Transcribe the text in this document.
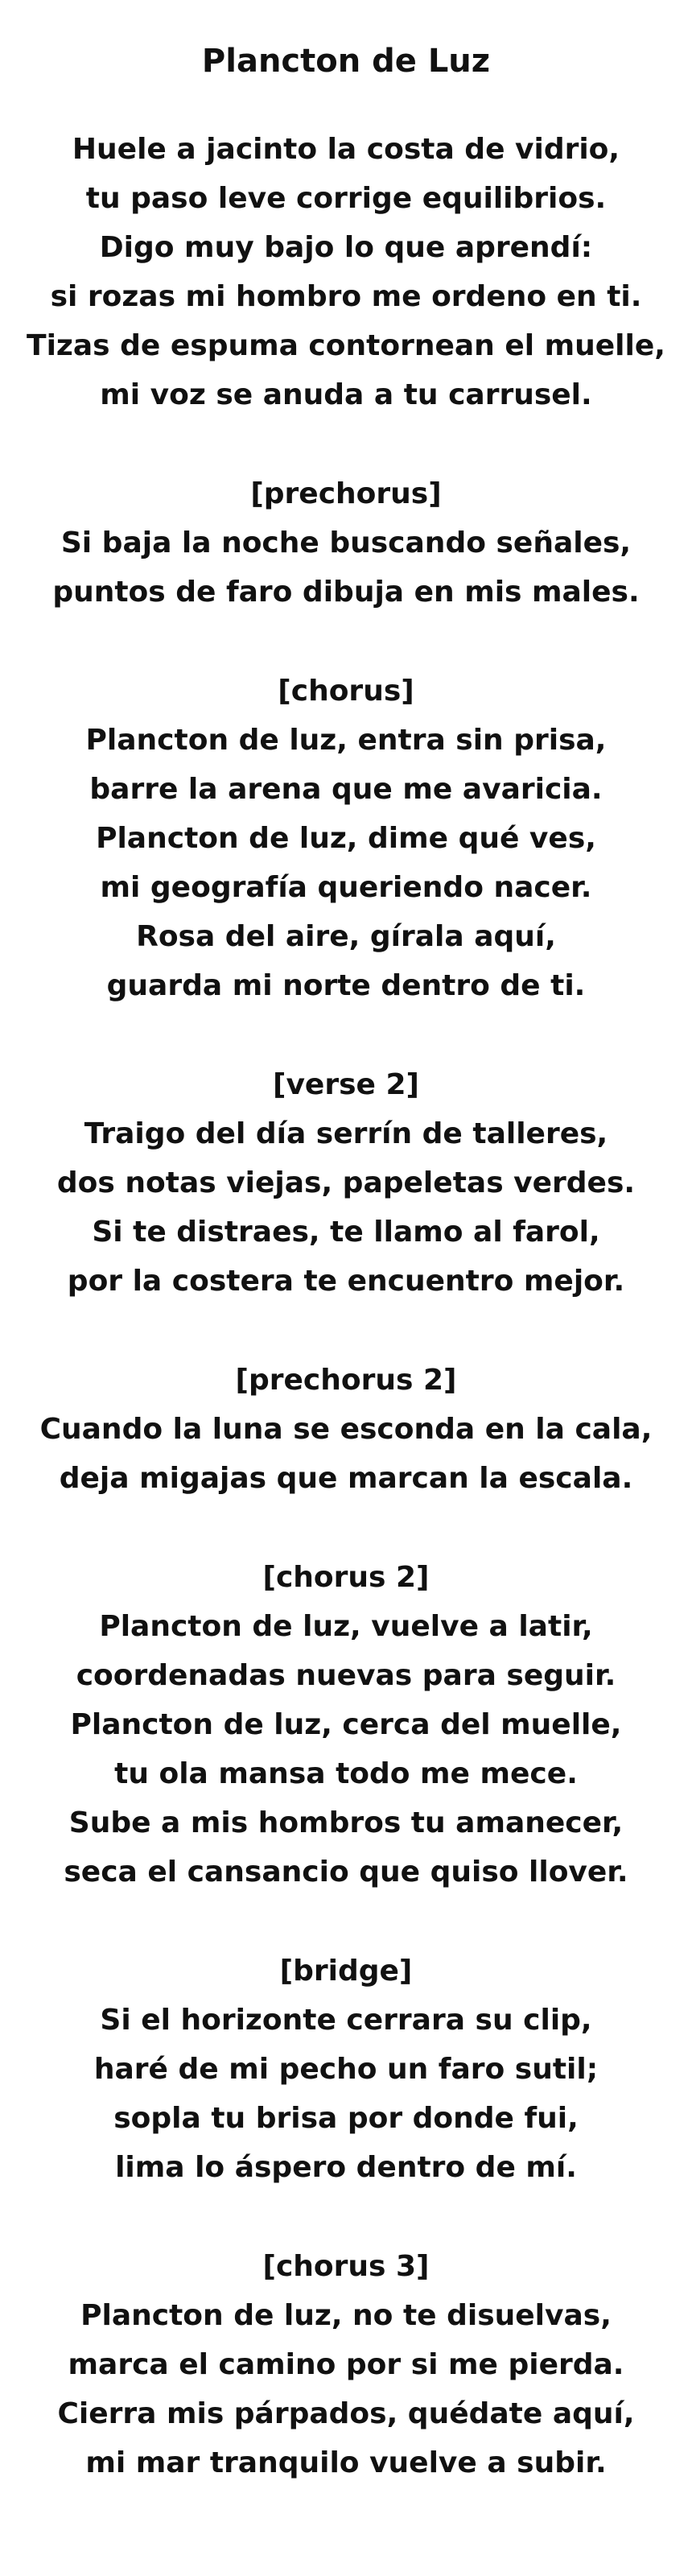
Plancton de Luz
Huele a jacinto la costa de vidrio,
tu paso leve corrige equilibrios.
Digo muy bajo lo que aprendí:
si rozas mi hombro me ordeno en ti.
Tizas de espuma contornean el muelle,
mi voz se anuda a tu carrusel.
[prechorus]
Si baja la noche buscando señales,
puntos de faro dibuja en mis males.
[chorus]
Plancton de luz, entra sin prisa,
barre la arena que me avaricia.
Plancton de luz, dime qué ves,
mi geografía queriendo nacer.
Rosa del aire, gírala aquí,
guarda mi norte dentro de ti.
[verse 2]
Traigo del día serrín de talleres,
dos notas viejas, papeletas verdes.
Si te distraes, te llamo al farol,
por la costera te encuentro mejor.
[prechorus 2]
Cuando la luna se esconda en la cala,
deja migajas que marcan la escala.
[chorus 2]
Plancton de luz, vuelve a latir,
coordenadas nuevas para seguir.
Plancton de luz, cerca del muelle,
tu ola mansa todo me mece.
Sube a mis hombros tu amanecer,
seca el cansancio que quiso llover.
[bridge]
Si el horizonte cerrara su clip,
haré de mi pecho un faro sutil;
sopla tu brisa por donde fui,
lima lo áspero dentro de mí.
[chorus 3]
Plancton de luz, no te disuelvas,
marca el camino por si me pierda.
Cierra mis párpados, quédate aquí,
mi mar tranquilo vuelve a subir.
